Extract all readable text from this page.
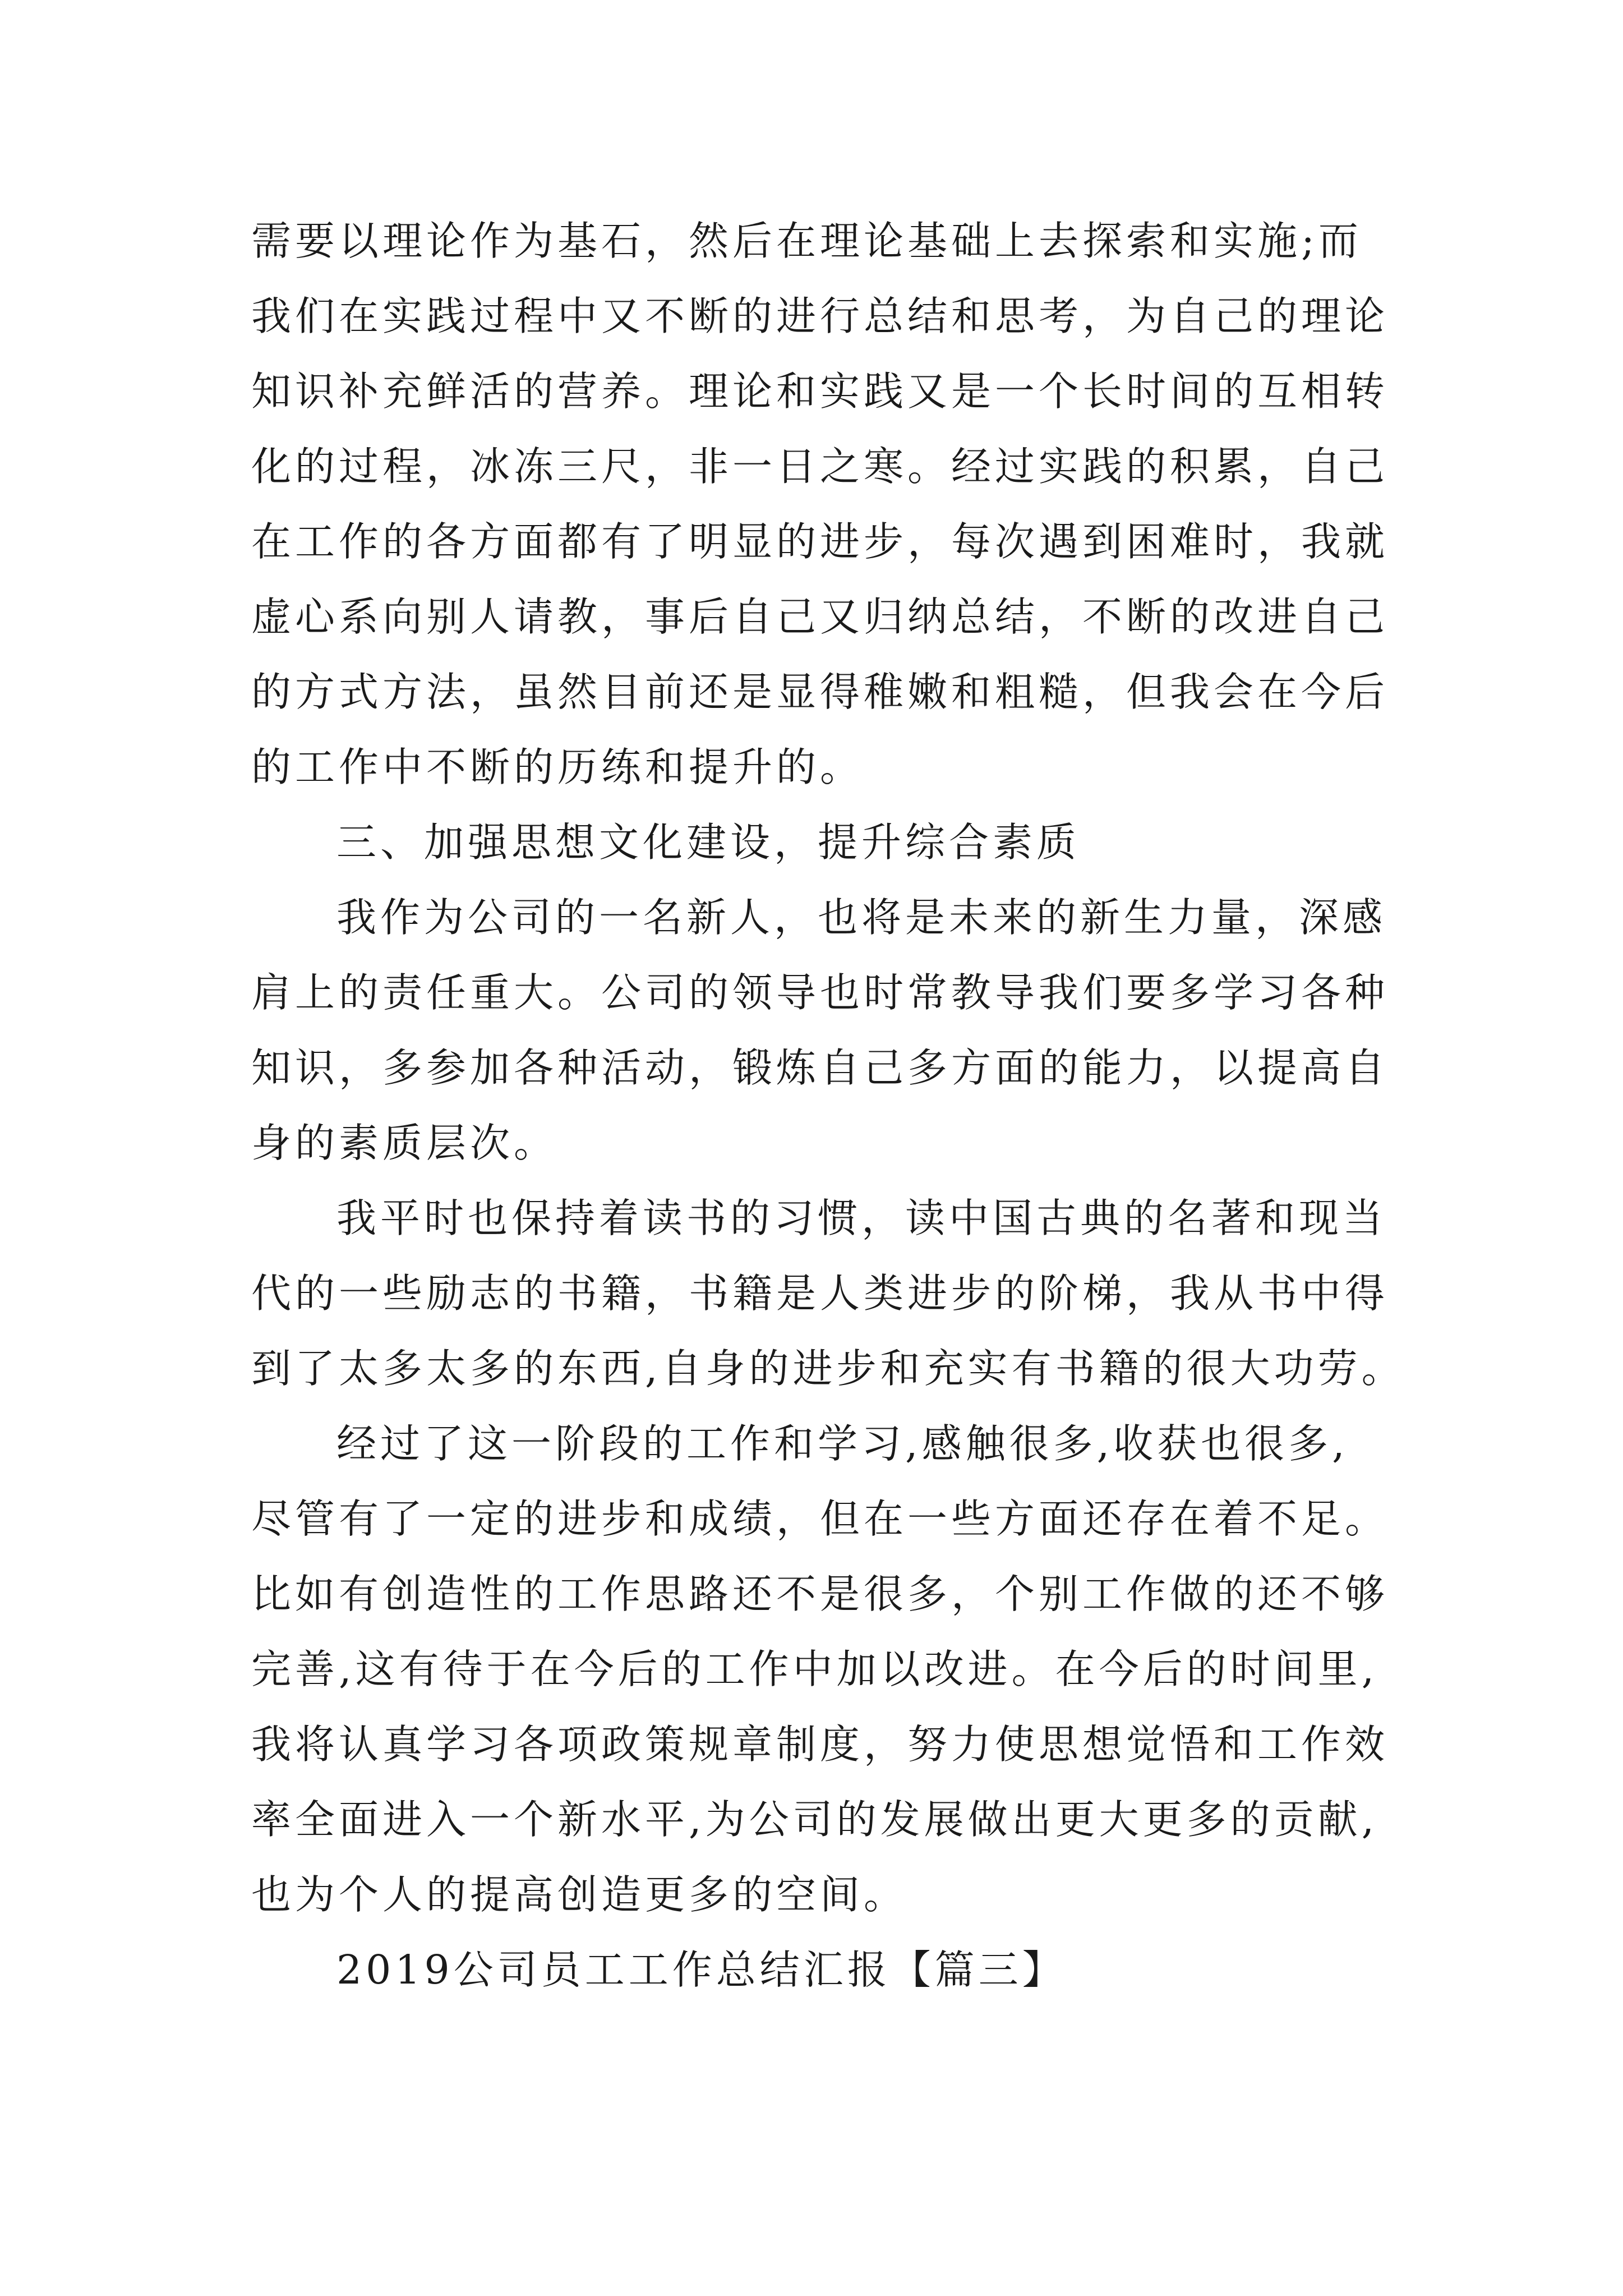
需要以理论作为基石，然后在理论基础上去探索和实施;而

我们在实践过程中又不断的进行总结和思考，为自己的理论

知识补充鲜活的营养。理论和实践又是一个长时间的互相转

化的过程，冰冻三尺，非一日之寒。经过实践的积累，自己

在工作的各方面都有了明显的进步，每次遇到困难时，我就

虚心系向别人请教，事后自己又归纳总结，不断的改进自己

的方式方法，虽然目前还是显得稚嫩和粗糙，但我会在今后

的工作中不断的历练和提升的。

三、加强思想文化建设，提升综合素质

我作为公司的一名新人，也将是未来的新生力量，深感

肩上的责任重大。公司的领导也时常教导我们要多学习各种

知识，多参加各种活动，锻炼自己多方面的能力，以提高自

身的素质层次。

我平时也保持着读书的习惯，读中国古典的名著和现当

代的一些励志的书籍，书籍是人类进步的阶梯，我从书中得

到了太多太多的东西,自身的进步和充实有书籍的很大功劳。

经过了这一阶段的工作和学习,感触很多,收获也很多,

尽管有了一定的进步和成绩，但在一些方面还存在着不足。

比如有创造性的工作思路还不是很多，个别工作做的还不够

完善,这有待于在今后的工作中加以改进。在今后的时间里,

我将认真学习各项政策规章制度，努力使思想觉悟和工作效

率全面进入一个新水平,为公司的发展做出更大更多的贡献,

也为个人的提高创造更多的空间。

2019公司员工工作总结汇报【篇三】
